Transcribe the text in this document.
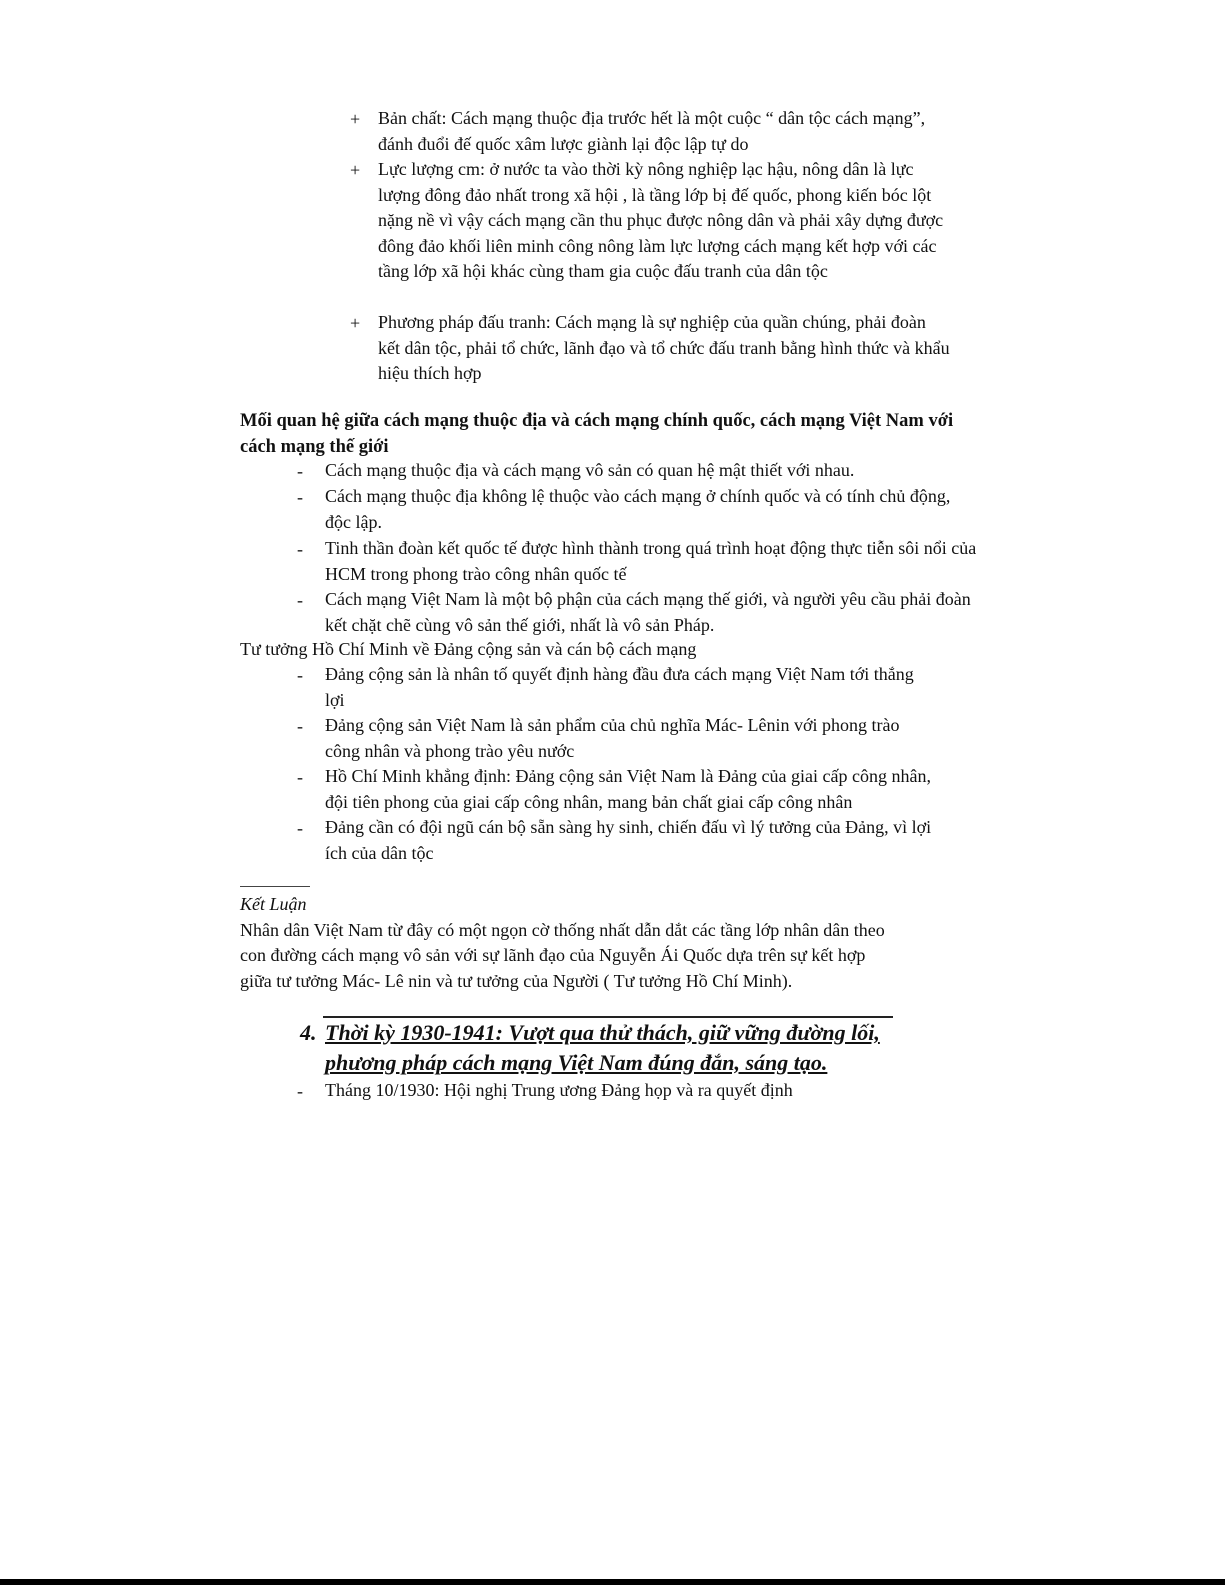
+ Bản chất: Cách mạng thuộc địa trước hết là một cuộc “ dân tộc cách mạng”, đánh đuổi đế quốc xâm lược giành lại độc lập tự do
+ Lực lượng cm: ở nước ta vào thời kỳ nông nghiệp lạc hậu, nông dân là lực lượng đông đảo nhất trong xã hội , là tầng lớp bị đế quốc, phong kiến bóc lột nặng nề vì vậy cách mạng cần thu phục được nông dân và phải xây dựng được đông đảo khối liên minh công nông làm lực lượng cách mạng kết hợp với các tầng lớp xã hội khác cùng tham gia cuộc đấu tranh của dân tộc
+ Phương pháp đấu tranh: Cách mạng là sự nghiệp của quần chúng, phải đoàn kết dân tộc, phải tổ chức, lãnh đạo và tổ chức đấu tranh bằng hình thức và khẩu hiệu thích hợp
Mối quan hệ giữa cách mạng thuộc địa và cách mạng chính quốc, cách mạng Việt Nam với cách mạng thế giới
- Cách mạng thuộc địa và cách mạng vô sản có quan hệ mật thiết với nhau.
- Cách mạng thuộc địa không lệ thuộc vào cách mạng ở chính quốc và có tính chủ động, độc lập.
- Tinh thần đoàn kết quốc tế được hình thành trong quá trình hoạt động thực tiễn sôi nổi của HCM trong phong trào công nhân quốc tế
- Cách mạng Việt Nam là một bộ phận của cách mạng thế giới, và người yêu cầu phải đoàn kết chặt chẽ cùng vô sản thế giới, nhất là vô sản Pháp.
Tư tưởng Hồ Chí Minh về Đảng cộng sản và cán bộ cách mạng
- Đảng cộng sản là nhân tố quyết định hàng đầu đưa cách mạng Việt Nam tới thắng lợi
- Đảng cộng sản Việt Nam là sản phẩm của chủ nghĩa Mác- Lênin với phong trào công nhân và phong trào yêu nước
- Hồ Chí Minh khẳng định: Đảng cộng sản Việt Nam là Đảng của giai cấp công nhân, đội tiên phong của giai cấp công nhân, mang bản chất giai cấp công nhân
- Đảng cần có đội ngũ cán bộ sẵn sàng hy sinh, chiến đấu vì lý tưởng của Đảng, vì lợi ích của dân tộc
Kết Luận
Nhân dân Việt Nam từ đây có một ngọn cờ thống nhất dẫn dắt các tầng lớp nhân dân theo
con đường cách mạng vô sản với sự lãnh đạo của Nguyễn Ái Quốc dựa trên sự kết hợp
giữa tư tưởng Mác- Lê nin và tư tưởng của Người ( Tư tưởng Hồ Chí Minh).
4. Thời kỳ 1930-1941: Vượt qua thử thách, giữ vững đường lối,
phương pháp cách mạng Việt Nam đúng đắn, sáng tạo.
- Tháng 10/1930: Hội nghị Trung ương Đảng họp và ra quyết định
